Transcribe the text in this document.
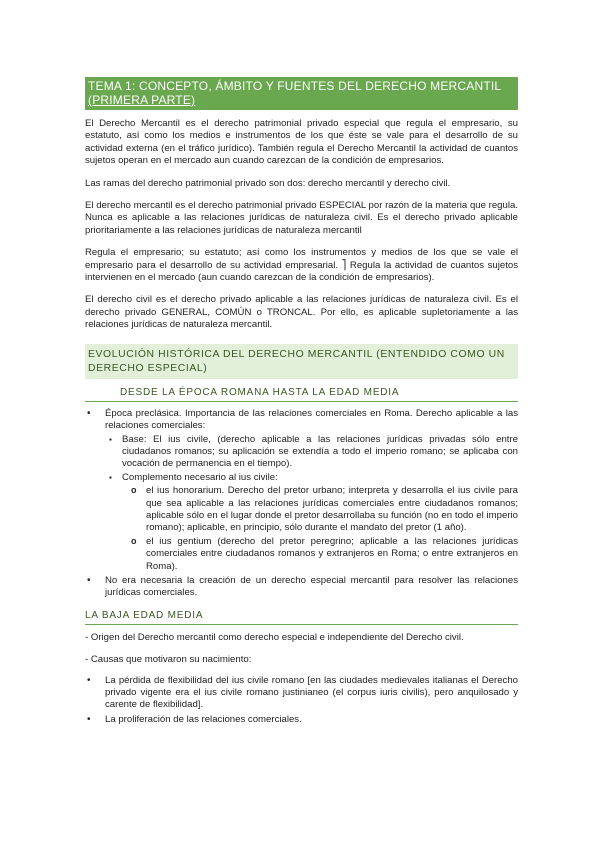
TEMA 1: CONCEPTO, ÁMBITO Y FUENTES DEL DERECHO MERCANTIL
(PRIMERA PARTE)

El Derecho Mercantil es el derecho patrimonial privado especial que regula el empresario, su estatuto, así como los medios e instrumentos de los que éste se vale para el desarrollo de su actividad externa (en el tráfico jurídico). También regula el Derecho Mercantil la actividad de cuantos sujetos operan en el mercado aun cuando carezcan de la condición de empresarios.

Las ramas del derecho patrimonial privado son dos: derecho mercantil y derecho civil.

El derecho mercantil es el derecho patrimonial privado ESPECIAL por razón de la materia que regula. Nunca es aplicable a las relaciones jurídicas de naturaleza civil. Es el derecho privado aplicable prioritariamente a las relaciones jurídicas de naturaleza mercantil

Regula el empresario; su estatuto; así como los instrumentos y medios de los que se vale el empresario para el desarrollo de su actividad empresarial. ⎤ Regula la actividad de cuantos sujetos intervienen en el mercado (aun cuando carezcan de la condición de empresarios).

El derecho civil es el derecho privado aplicable a las relaciones jurídicas de naturaleza civil. Es el derecho privado GENERAL, COMÚN o TRONCAL. Por ello, es aplicable supletoriamente a las relaciones jurídicas de naturaleza mercantil.

EVOLUCIÓN HISTÓRICA DEL DERECHO MERCANTIL (ENTENDIDO COMO UN DERECHO ESPECIAL)
DESDE LA ÉPOCA ROMANA HASTA LA EDAD MEDIA

• Época preclásica. Importancia de las relaciones comerciales en Roma. Derecho aplicable a las relaciones comerciales:

▪ Base: El ius civile, (derecho aplicable a las relaciones jurídicas privadas sólo entre ciudadanos romanos; su aplicación se extendía a todo el imperio romano; se aplicaba con vocación de permanencia en el tiempo).

▪ Complemento necesario al ius civile:

o el ius honorarium. Derecho del pretor urbano; interpreta y desarrolla el ius civile para que sea aplicable a las relaciones jurídicas comerciales entre ciudadanos romanos; aplicable sólo en el lugar donde el pretor desarrollaba su función (no en todo el imperio romano); aplicable, en principio, sólo durante el mandato del pretor (1 año).

o el ius gentium (derecho del pretor peregrino; aplicable a las relaciones jurídicas comerciales entre ciudadanos romanos y extranjeros en Roma; o entre extranjeros en Roma).

• No era necesaria la creación de un derecho especial mercantil para resolver las relaciones jurídicas comerciales.

LA BAJA EDAD MEDIA

- Origen del Derecho mercantil como derecho especial e independiente del Derecho civil.

- Causas que motivaron su nacimiento:

• La pérdida de flexibilidad del ius civile romano [en las ciudades medievales italianas el Derecho privado vigente era el ius civile romano justinianeo (el corpus iuris civilis), pero anquilosado y carente de flexibilidad].

• La proliferación de las relaciones comerciales.
